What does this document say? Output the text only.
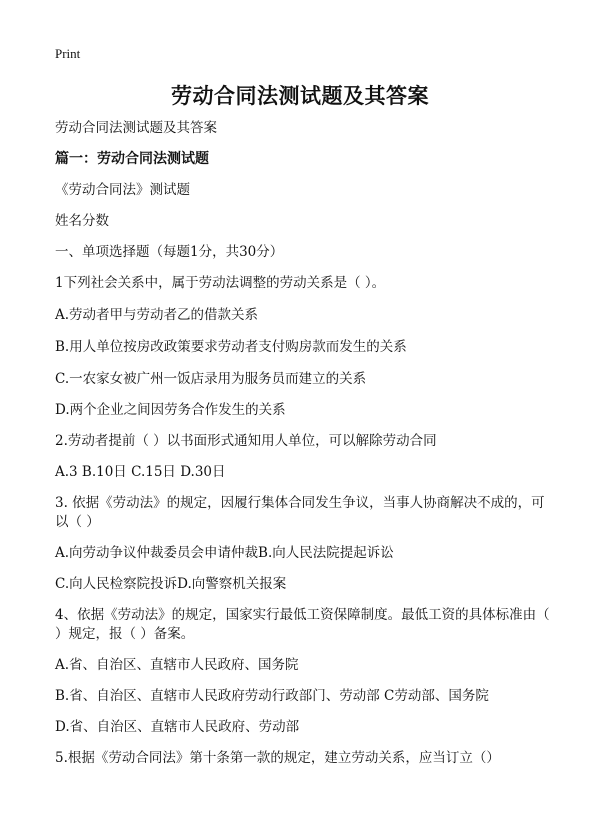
Print
劳动合同法测试题及其答案
劳动合同法测试题及其答案
篇一：劳动合同法测试题
《劳动合同法》测试题
姓名分数
一、单项选择题（每题1分，共30分）
1下列社会关系中，属于劳动法调整的劳动关系是（ ）。
A.劳动者甲与劳动者乙的借款关系
B.用人单位按房改政策要求劳动者支付购房款而发生的关系
C.一农家女被广州一饭店录用为服务员而建立的关系
D.两个企业之间因劳务合作发生的关系
2.劳动者提前（ ）以书面形式通知用人单位，可以解除劳动合同
A.3 B.10日 C.15日 D.30日
3. 依据《劳动法》的规定，因履行集体合同发生争议，当事人协商解决不成的，可以（ ）
A.向劳动争议仲裁委员会申请仲裁B.向人民法院提起诉讼
C.向人民检察院投诉D.向警察机关报案
4、依据《劳动法》的规定，国家实行最低工资保障制度。最低工资的具体标准由（ ）规定，报（ ）备案。
A.省、自治区、直辖市人民政府、国务院
B.省、自治区、直辖市人民政府劳动行政部门、劳动部 C劳动部、国务院
D.省、自治区、直辖市人民政府、劳动部
5.根据《劳动合同法》第十条第一款的规定，建立劳动关系，应当订立（）
